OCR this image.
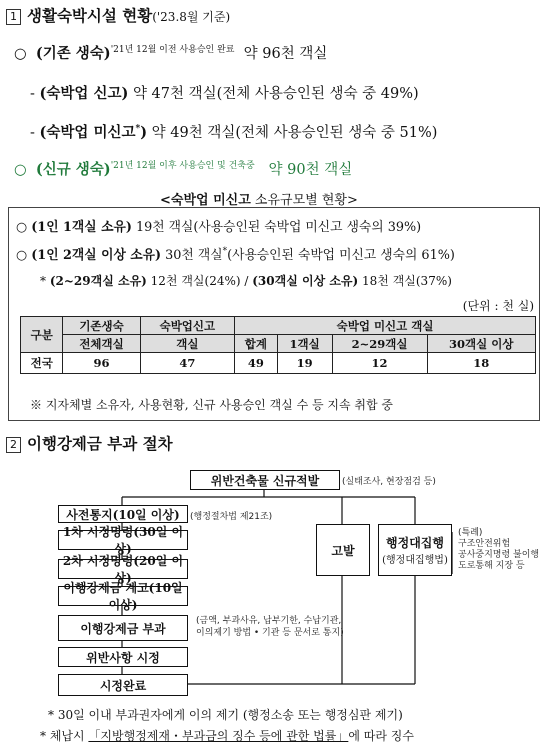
1 생활숙박시설 현황('23.8월 기준)
○ (기존 생숙)$^{'21년 12월 이전 사용승인 완료}$ 약 96천 객실
- (숙박업 신고) 약 47천 객실(전체 사용승인된 생숙 중 49%)
- (숙박업 미신고*) 약 49천 객실(전체 사용승인된 생숙 중 51%)
○ (신규 생숙)$^{'21년 12월 이후 사용승인 및 건축중}$ 약 90천 객실
<숙박업 미신고 소유규모별 현황>
○ (1인 1객실 소유) 19천 객실(사용승인된 숙박업 미신고 생숙의 39%)
○ (1인 2객실 이상 소유) 30천 객실*(사용승인된 숙박업 미신고 생숙의 61%)
* (2~29객실 소유) 12천 객실(24%) / (30객실 이상 소유) 18천 객실(37%)
(단위 : 천 실)
구분	기존생숙	숙박업신고	숙박업 미신고 객실			
	전체객실	객실	합계	1객실	2~29객실	30객실 이상
전국	96	47	49	19	12	18
※ 지자체별 소유자, 사용현황, 신규 사용승인 객실 수 등 지속 취합 중
2 이행강제금 부과 절차
위반건축물 신규적발	(실태조사, 현장점검 등)
사전통지(10일 이상)	(행정절차법 제21조)
1차 시정명령(30일 이상)
2차 시정명령(20일 이상)
이행강제금 계고(10일 이상)
이행강제금 부과
(금액, 부과사유, 납부기한, 수납기관,
이의제기 방법 • 기관 등 문서로 통지)
위반사항 시정
시정완료
고발
행정대집행
(행정대집행법)
(특례)
구조안전위험
공사중지명령 불이행
도로통해 지장 등
* 30일 이내 부과권자에게 이의 제기 (행정소송 또는 행정심판 제기)
* 체납시 「지방행정제재・부과금의 징수 등에 관한 법률」에 따라 징수
